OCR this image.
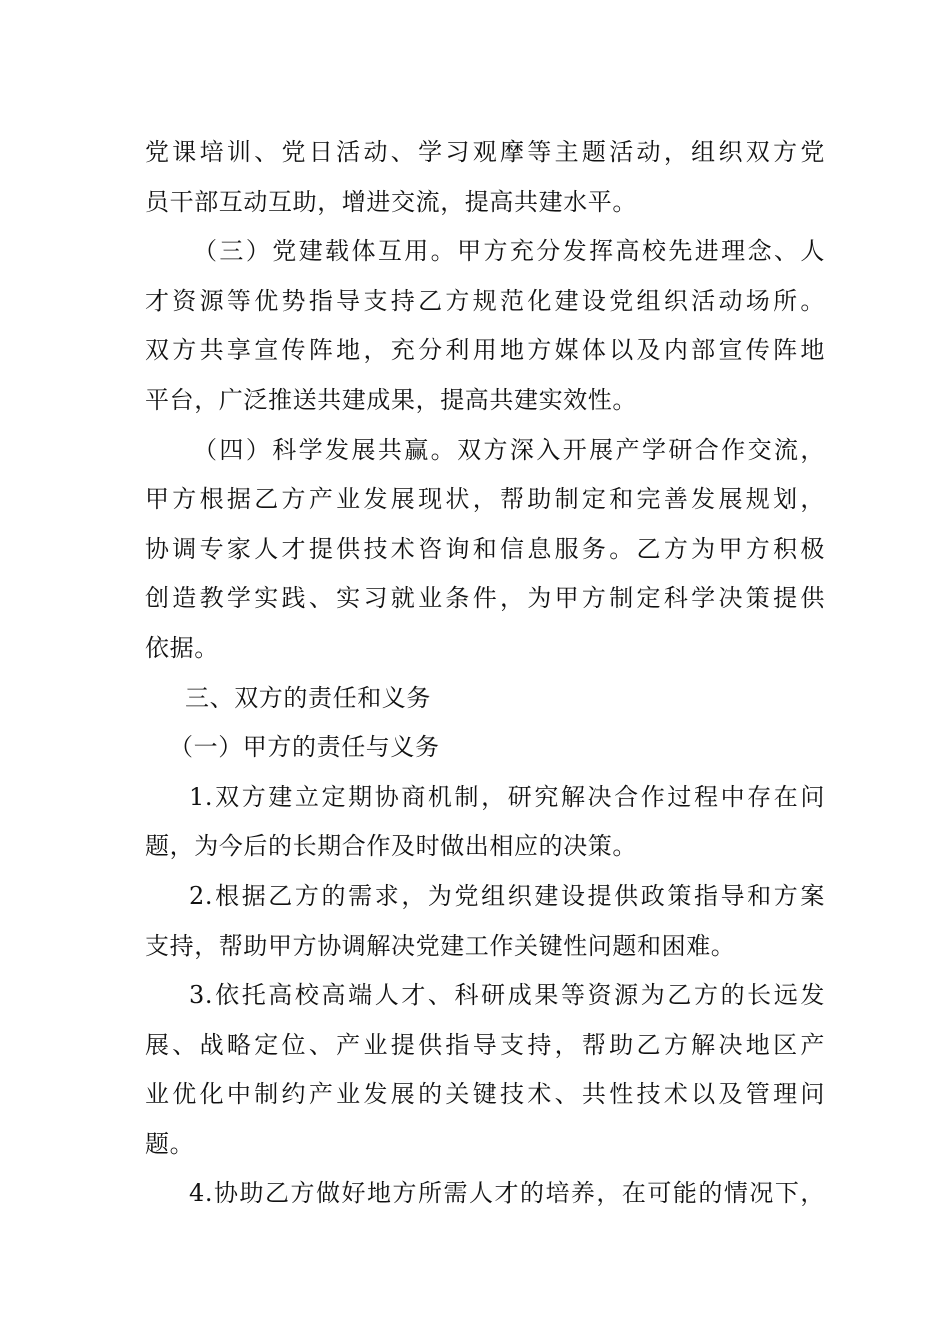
党课培训、党日活动、学习观摩等主题活动，组织双方党
员干部互动互助，增进交流，提高共建水平。

（三）党建载体互用。甲方充分发挥高校先进理念、人
才资源等优势指导支持乙方规范化建设党组织活动场所。
双方共享宣传阵地，充分利用地方媒体以及内部宣传阵地
平台，广泛推送共建成果，提高共建实效性。

（四）科学发展共赢。双方深入开展产学研合作交流，
甲方根据乙方产业发展现状，帮助制定和完善发展规划，
协调专家人才提供技术咨询和信息服务。乙方为甲方积极
创造教学实践、实习就业条件，为甲方制定科学决策提供
依据。

三、双方的责任和义务

（一）甲方的责任与义务

1.双方建立定期协商机制，研究解决合作过程中存在问
题，为今后的长期合作及时做出相应的决策。

2.根据乙方的需求，为党组织建设提供政策指导和方案
支持，帮助甲方协调解决党建工作关键性问题和困难。

3.依托高校高端人才、科研成果等资源为乙方的长远发
展、战略定位、产业提供指导支持，帮助乙方解决地区产
业优化中制约产业发展的关键技术、共性技术以及管理问
题。

4.协助乙方做好地方所需人才的培养，在可能的情况下，
